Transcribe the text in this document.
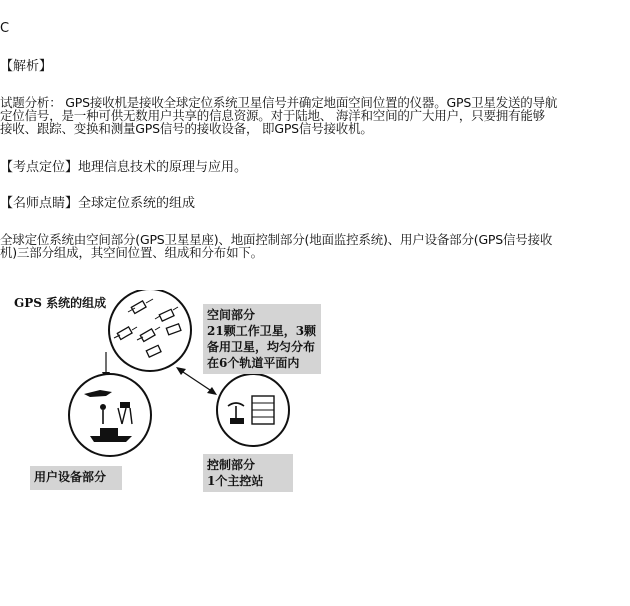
C
【解析】
试题分析： GPS接收机是接收全球定位系统卫星信号并确定地面空间位置的仪器。GPS卫星发送的导航
定位信号，是一种可供无数用户共享的信息资源。对于陆地、 海洋和空间的广大用户，只要拥有能够
接收、跟踪、变换和测量GPS信号的接收设备， 即GPS信号接收机。
【考点定位】地理信息技术的原理与应用。
【名师点睛】全球定位系统的组成
全球定位系统由空间部分(GPS卫星星座)、地面控制部分(地面监控系统)、用户设备部分(GPS信号接收
机)三部分组成，其空间位置、组成和分布如下。
GPS 系统的组成
空间部分
21颗工作卫星，3颗
备用卫星，均匀分布
在6个轨道平面内
控制部分
1个主控站
用户设备部分
